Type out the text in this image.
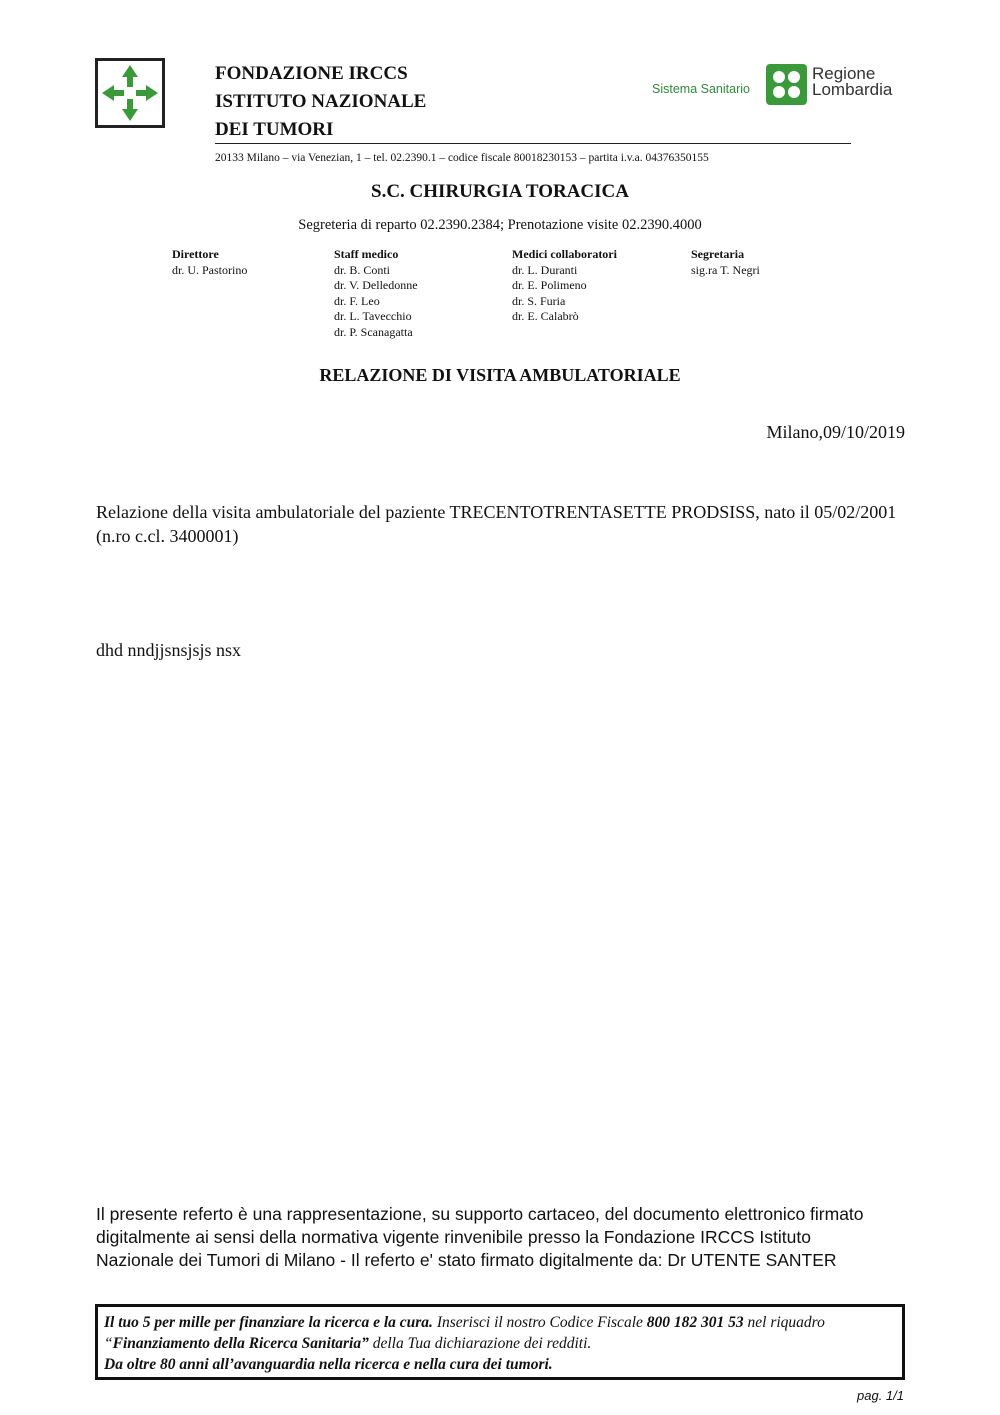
FONDAZIONE IRCCS
ISTITUTO NAZIONALE
DEI TUMORI
Sistema Sanitario
Regione
Lombardia
20133 Milano – via Venezian, 1 – tel. 02.2390.1 – codice fiscale 80018230153 – partita i.v.a. 04376350155
S.C. CHIRURGIA TORACICA
Segreteria di reparto 02.2390.2384; Prenotazione visite 02.2390.4000
Direttore
dr. U. Pastorino
Staff medico
dr. B. Conti
dr. V. Delledonne
dr. F. Leo
dr. L. Tavecchio
dr. P. Scanagatta
Medici collaboratori
dr. L. Duranti
dr. E. Polimeno
dr. S. Furia
dr. E. Calabrò
Segretaria
sig.ra T. Negri
RELAZIONE DI VISITA AMBULATORIALE
Milano,09/10/2019
Relazione della visita ambulatoriale del paziente TRECENTOTRENTASETTE PRODSISS, nato il 05/02/2001 (n.ro c.cl. 3400001)
dhd nndjjsnsjsjs nsx
Il presente referto è una rappresentazione, su supporto cartaceo, del documento elettronico firmato digitalmente ai sensi della normativa vigente rinvenibile presso la Fondazione IRCCS Istituto Nazionale dei Tumori di Milano - Il referto e' stato firmato digitalmente da: Dr UTENTE SANTER
Il tuo 5 per mille per finanziare la ricerca e la cura. Inserisci il nostro Codice Fiscale 800 182 301 53 nel riquadro “Finanziamento della Ricerca Sanitaria” della Tua dichiarazione dei redditi.
Da oltre 80 anni all’avanguardia nella ricerca e nella cura dei tumori.
pag. 1/1
